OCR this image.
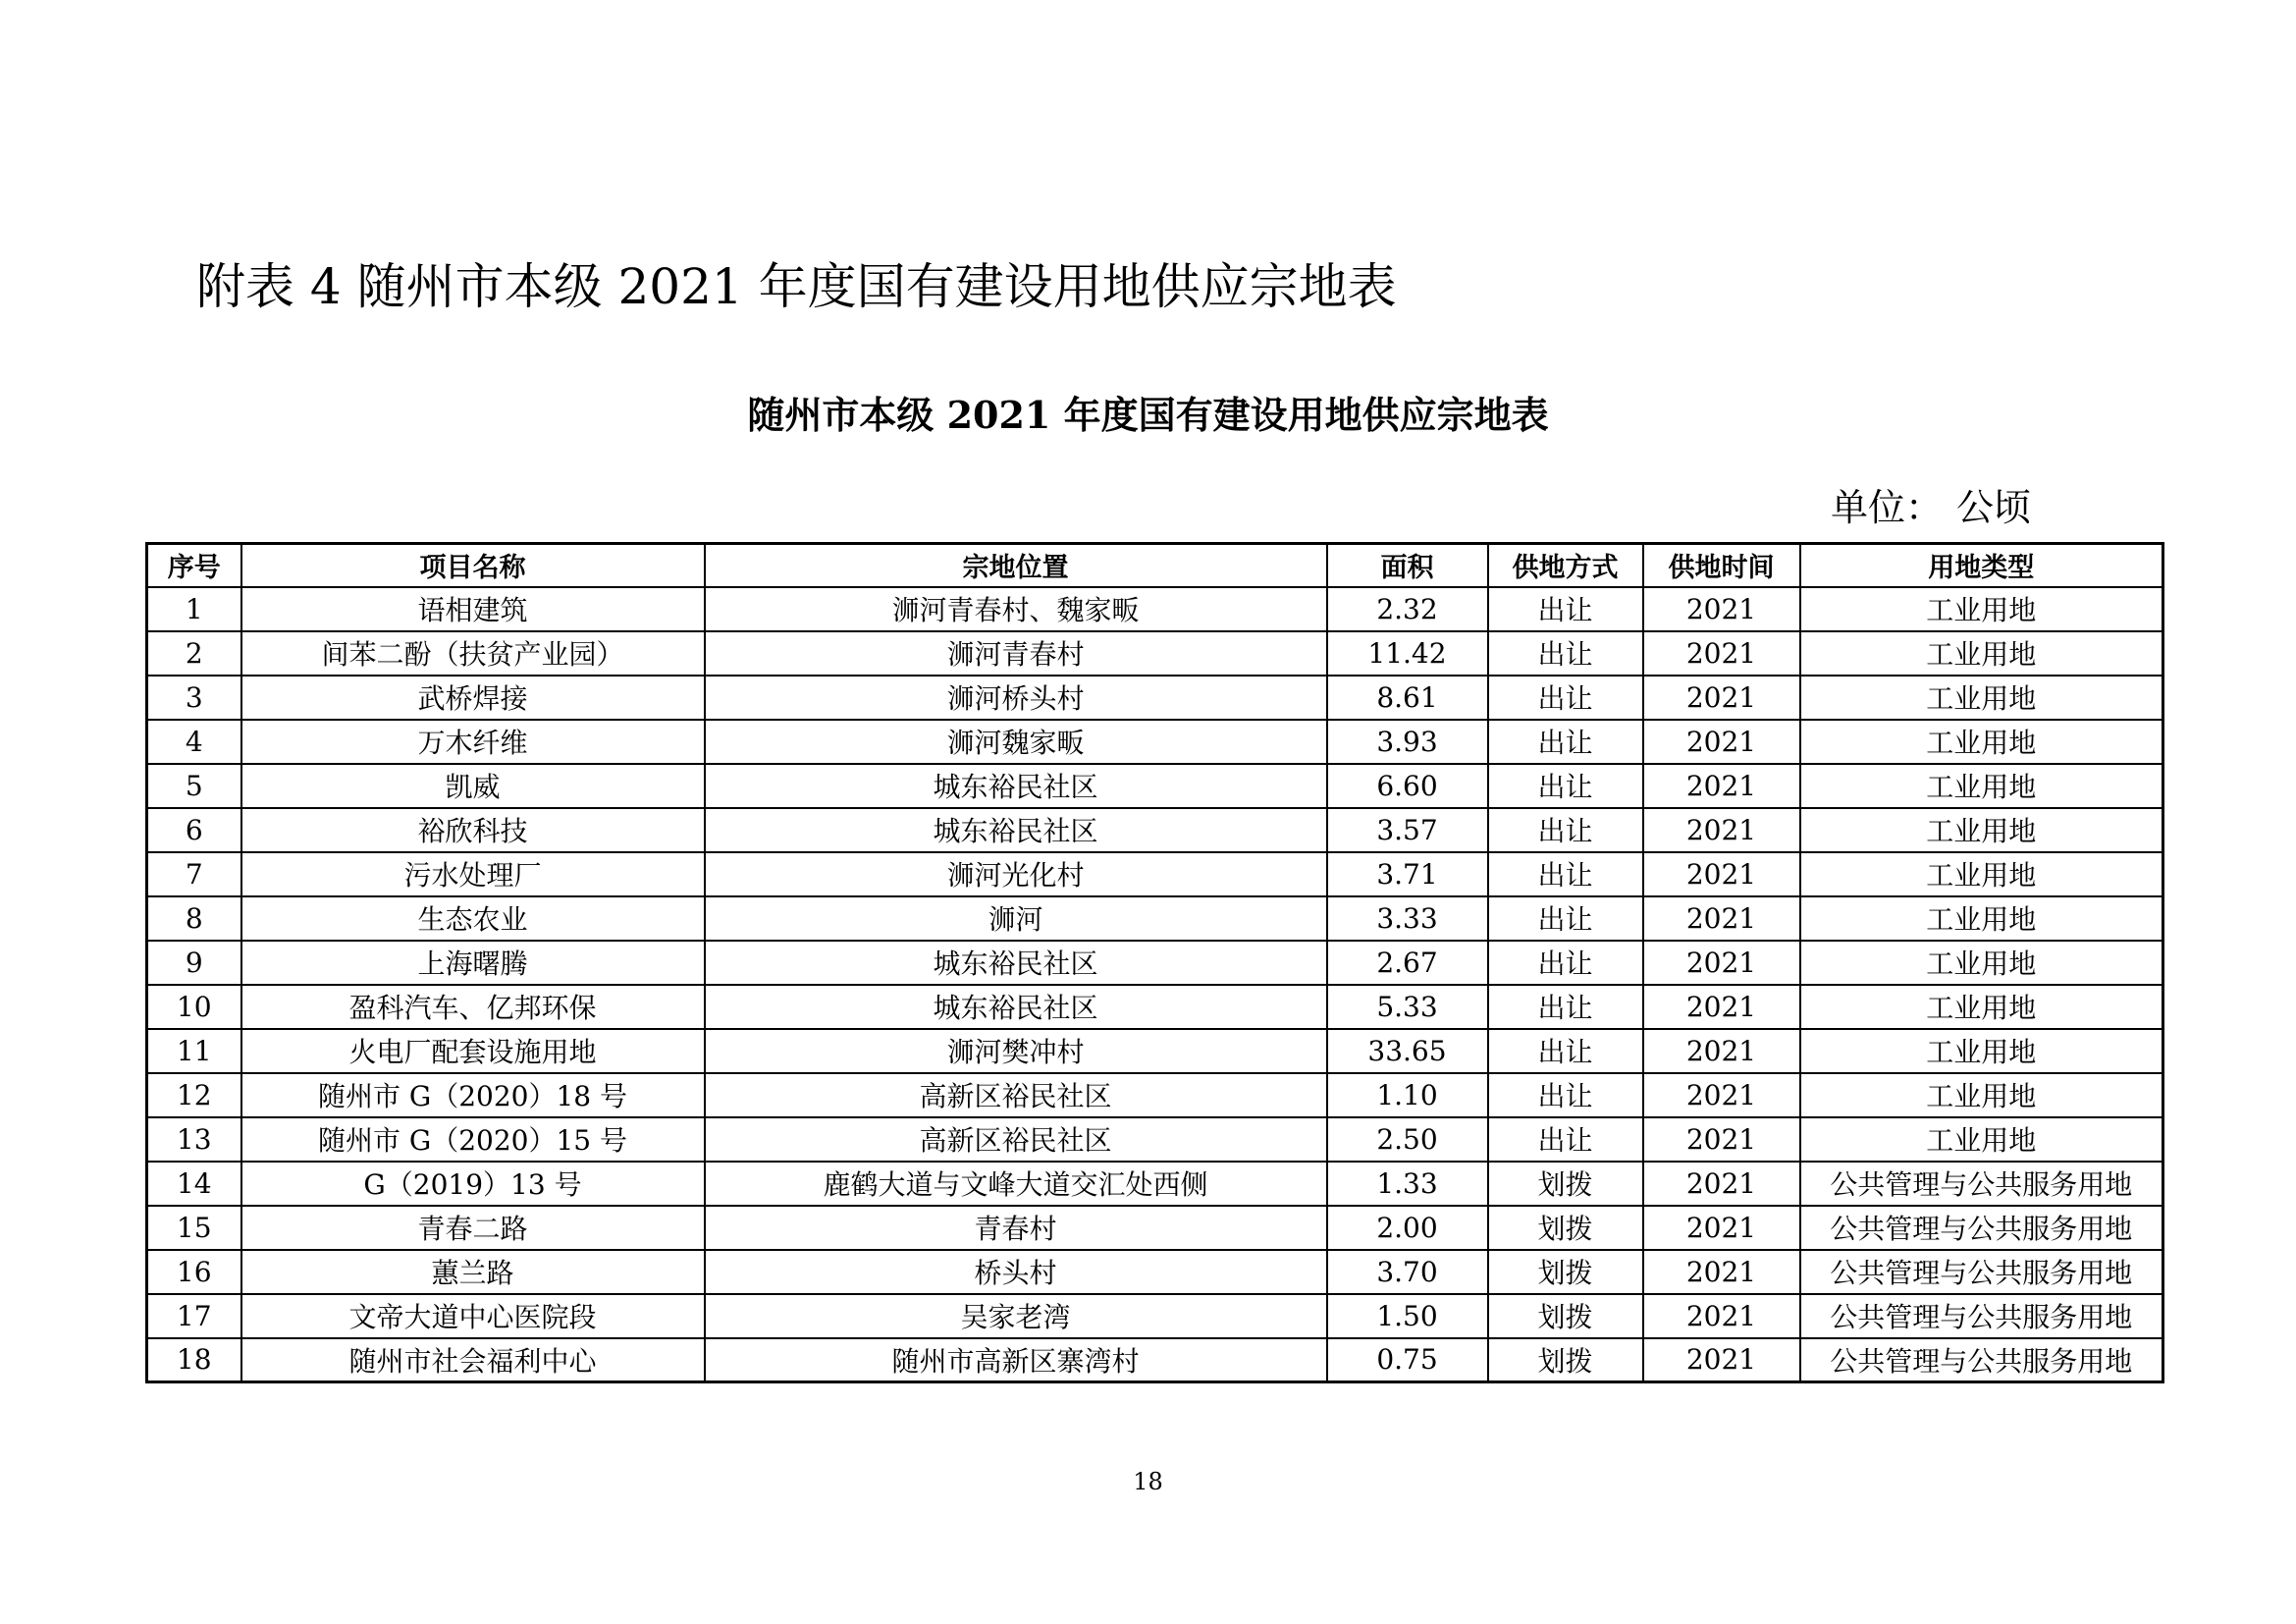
附表 4 随州市本级 2021 年度国有建设用地供应宗地表
随州市本级 2021 年度国有建设用地供应宗地表
单位： 公顷
序号	项目名称	宗地位置	面积	供地方式	供地时间	用地类型
1	语相建筑	浉河青春村、魏家畈	2.32	出让	2021	工业用地
2	间苯二酚（扶贫产业园）	浉河青春村	11.42	出让	2021	工业用地
3	武桥焊接	浉河桥头村	8.61	出让	2021	工业用地
4	万木纤维	浉河魏家畈	3.93	出让	2021	工业用地
5	凯威	城东裕民社区	6.60	出让	2021	工业用地
6	裕欣科技	城东裕民社区	3.57	出让	2021	工业用地
7	污水处理厂	浉河光化村	3.71	出让	2021	工业用地
8	生态农业	浉河	3.33	出让	2021	工业用地
9	上海曙腾	城东裕民社区	2.67	出让	2021	工业用地
10	盈科汽车、亿邦环保	城东裕民社区	5.33	出让	2021	工业用地
11	火电厂配套设施用地	浉河樊冲村	33.65	出让	2021	工业用地
12	随州市 G（2020）18 号	高新区裕民社区	1.10	出让	2021	工业用地
13	随州市 G（2020）15 号	高新区裕民社区	2.50	出让	2021	工业用地
14	G（2019）13 号	鹿鹤大道与文峰大道交汇处西侧	1.33	划拨	2021	公共管理与公共服务用地
15	青春二路	青春村	2.00	划拨	2021	公共管理与公共服务用地
16	蕙兰路	桥头村	3.70	划拨	2021	公共管理与公共服务用地
17	文帝大道中心医院段	吴家老湾	1.50	划拨	2021	公共管理与公共服务用地
18	随州市社会福利中心	随州市高新区寨湾村	0.75	划拨	2021	公共管理与公共服务用地
18
